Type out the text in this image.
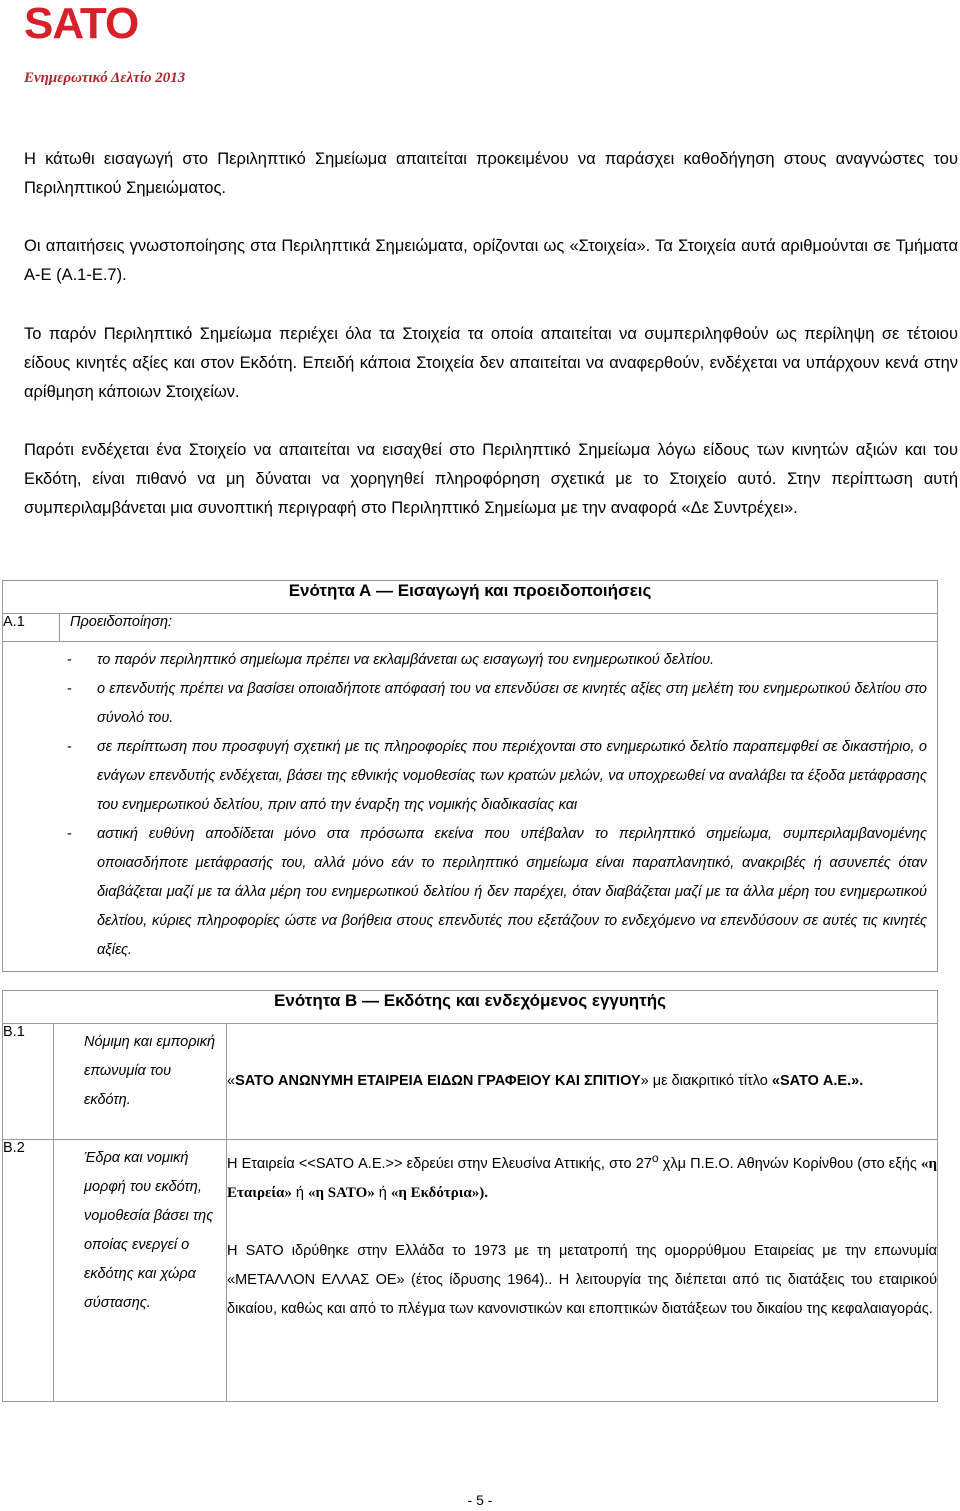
SATO
Ενημερωτικό Δελτίο 2013
Η κάτωθι εισαγωγή στο Περιληπτικό Σημείωμα απαιτείται προκειμένου να παράσχει καθοδήγηση στους αναγνώστες του Περιληπτικού Σημειώματος.
Οι απαιτήσεις γνωστοποίησης στα Περιληπτικά Σημειώματα, ορίζονται ως «Στοιχεία». Τα Στοιχεία αυτά αριθμούνται σε Τμήματα Α-Ε (Α.1-Ε.7).
Το παρόν Περιληπτικό Σημείωμα περιέχει όλα τα Στοιχεία τα οποία απαιτείται να συμπεριληφθούν ως περίληψη σε τέτοιου είδους κινητές αξίες και στον Εκδότη. Επειδή κάποια Στοιχεία δεν απαιτείται να αναφερθούν, ενδέχεται να υπάρχουν κενά στην αρίθμηση κάποιων Στοιχείων.
Παρότι ενδέχεται ένα Στοιχείο να απαιτείται να εισαχθεί στο Περιληπτικό Σημείωμα λόγω είδους των κινητών αξιών και του Εκδότη, είναι πιθανό να μη δύναται να χορηγηθεί πληροφόρηση σχετικά με το Στοιχείο αυτό. Στην περίπτωση αυτή συμπεριλαμβάνεται μια συνοπτική περιγραφή στο Περιληπτικό Σημείωμα με την αναφορά «Δε Συντρέχει».
Ενότητα Α — Εισαγωγή και προειδοποιήσεις
Α.1	Προειδοποίηση:

-	το παρόν περιληπτικό σημείωμα πρέπει να εκλαμβάνεται ως εισαγωγή του ενημερωτικού δελτίου.
-	ο επενδυτής πρέπει να βασίσει οποιαδήποτε απόφασή του να επενδύσει σε κινητές αξίες στη μελέτη του ενημερωτικού δελτίου στο σύνολό του.
-	σε περίπτωση που προσφυγή σχετική με τις πληροφορίες που περιέχονται στο ενημερωτικό δελτίο παραπεμφθεί σε δικαστήριο, ο ενάγων επενδυτής ενδέχεται, βάσει της εθνικής νομοθεσίας των κρατών μελών, να υποχρεωθεί να αναλάβει τα έξοδα μετάφρασης του ενημερωτικού δελτίου, πριν από την έναρξη της νομικής διαδικασίας και
-	αστική ευθύνη αποδίδεται μόνο στα πρόσωπα εκείνα που υπέβαλαν το περιληπτικό σημείωμα, συμπεριλαμβανομένης οποιασδήποτε μετάφρασής του, αλλά μόνο εάν το περιληπτικό σημείωμα είναι παραπλανητικό, ανακριβές ή ασυνεπές όταν διαβάζεται μαζί με τα άλλα μέρη του ενημερωτικού δελτίου ή δεν παρέχει, όταν διαβάζεται μαζί με τα άλλα μέρη του ενημερωτικού δελτίου, κύριες πληροφορίες ώστε να βοήθεια στους επενδυτές που εξετάζουν το ενδεχόμενο να επενδύσουν σε αυτές τις κινητές αξίες.
Ενότητα Β — Εκδότης και ενδεχόμενος εγγυητής		
Β.1	Νόμιμη και εμπορική επωνυμία του εκδότη.	«SATO ΑΝΩΝΥΜΗ ΕΤΑΙΡΕΙΑ ΕΙΔΩΝ ΓΡΑΦΕΙΟΥ ΚΑΙ ΣΠΙΤΙΟΥ» με διακριτικό τίτλο «SATO Α.Ε.».
Β.2	Έδρα και νομική μορφή του εκδότη, νομοθεσία βάσει της οποίας ενεργεί ο εκδότης και χώρα σύστασης.	Η Εταιρεία <<SATO Α.Ε.>> εδρεύει στην Ελευσίνα Αττικής, στο $27^o$ χλμ Π.Ε.Ο. Αθηνών Κορίνθου (στο εξής «η Εταιρεία» ή «η SATO» ή «η Εκδότρια»).
Η SATO ιδρύθηκε στην Ελλάδα το 1973 με τη μετατροπή της ομορρύθμου Εταιρείας με την επωνυμία «ΜΕΤΑΛΛΟΝ ΕΛΛΑΣ ΟΕ» (έτος ίδρυσης 1964).. Η λειτουργία της διέπεται από τις διατάξεις του εταιρικού δικαίου, καθώς και από το πλέγμα των κανονιστικών και εποπτικών διατάξεων του δικαίου της κεφαλαιαγοράς.
- 5 -
